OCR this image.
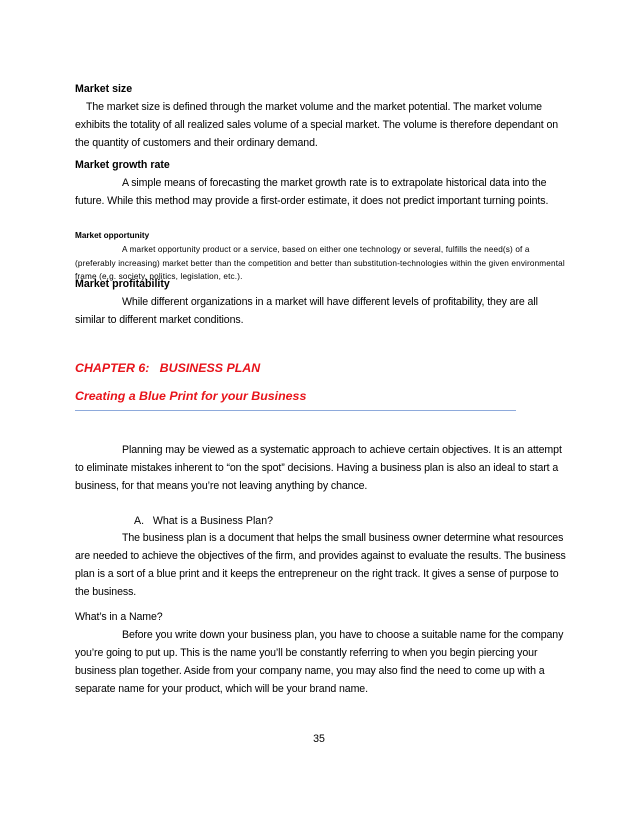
Market size

The market size is defined through the market volume and the market potential. The market volume exhibits the totality of all realized sales volume of a special market. The volume is therefore dependant on the quantity of customers and their ordinary demand.

Market growth rate

A simple means of forecasting the market growth rate is to extrapolate historical data into the future. While this method may provide a first-order estimate, it does not predict important turning points.

Market opportunity

A market opportunity product or a service, based on either one technology or several, fulfills the need(s) of a (preferably increasing) market better than the competition and better than substitution-technologies within the given environmental frame (e.g. society, politics, legislation, etc.).

Market profitability

While different organizations in a market will have different levels of profitability, they are all similar to different market conditions.

CHAPTER 6:   BUSINESS PLAN
Creating a Blue Print for your Business

Planning may be viewed as a systematic approach to achieve certain objectives. It is an attempt to eliminate mistakes inherent to “on the spot” decisions. Having a business plan is also an ideal to start a business, for that means you’re not leaving anything by chance.

A. What is a Business Plan?

The business plan is a document that helps the small business owner determine what resources are needed to achieve the objectives of the firm, and provides against to evaluate the results. The business plan is a sort of a blue print and it keeps the entrepreneur on the right track. It gives a sense of purpose to the business.

What’s in a Name?

Before you write down your business plan, you have to choose a suitable name for the company you’re going to put up. This is the name you’ll be constantly referring to when you begin piercing your business plan together. Aside from your company name, you may also find the need to come up with a separate name for your product, which will be your brand name.

35
